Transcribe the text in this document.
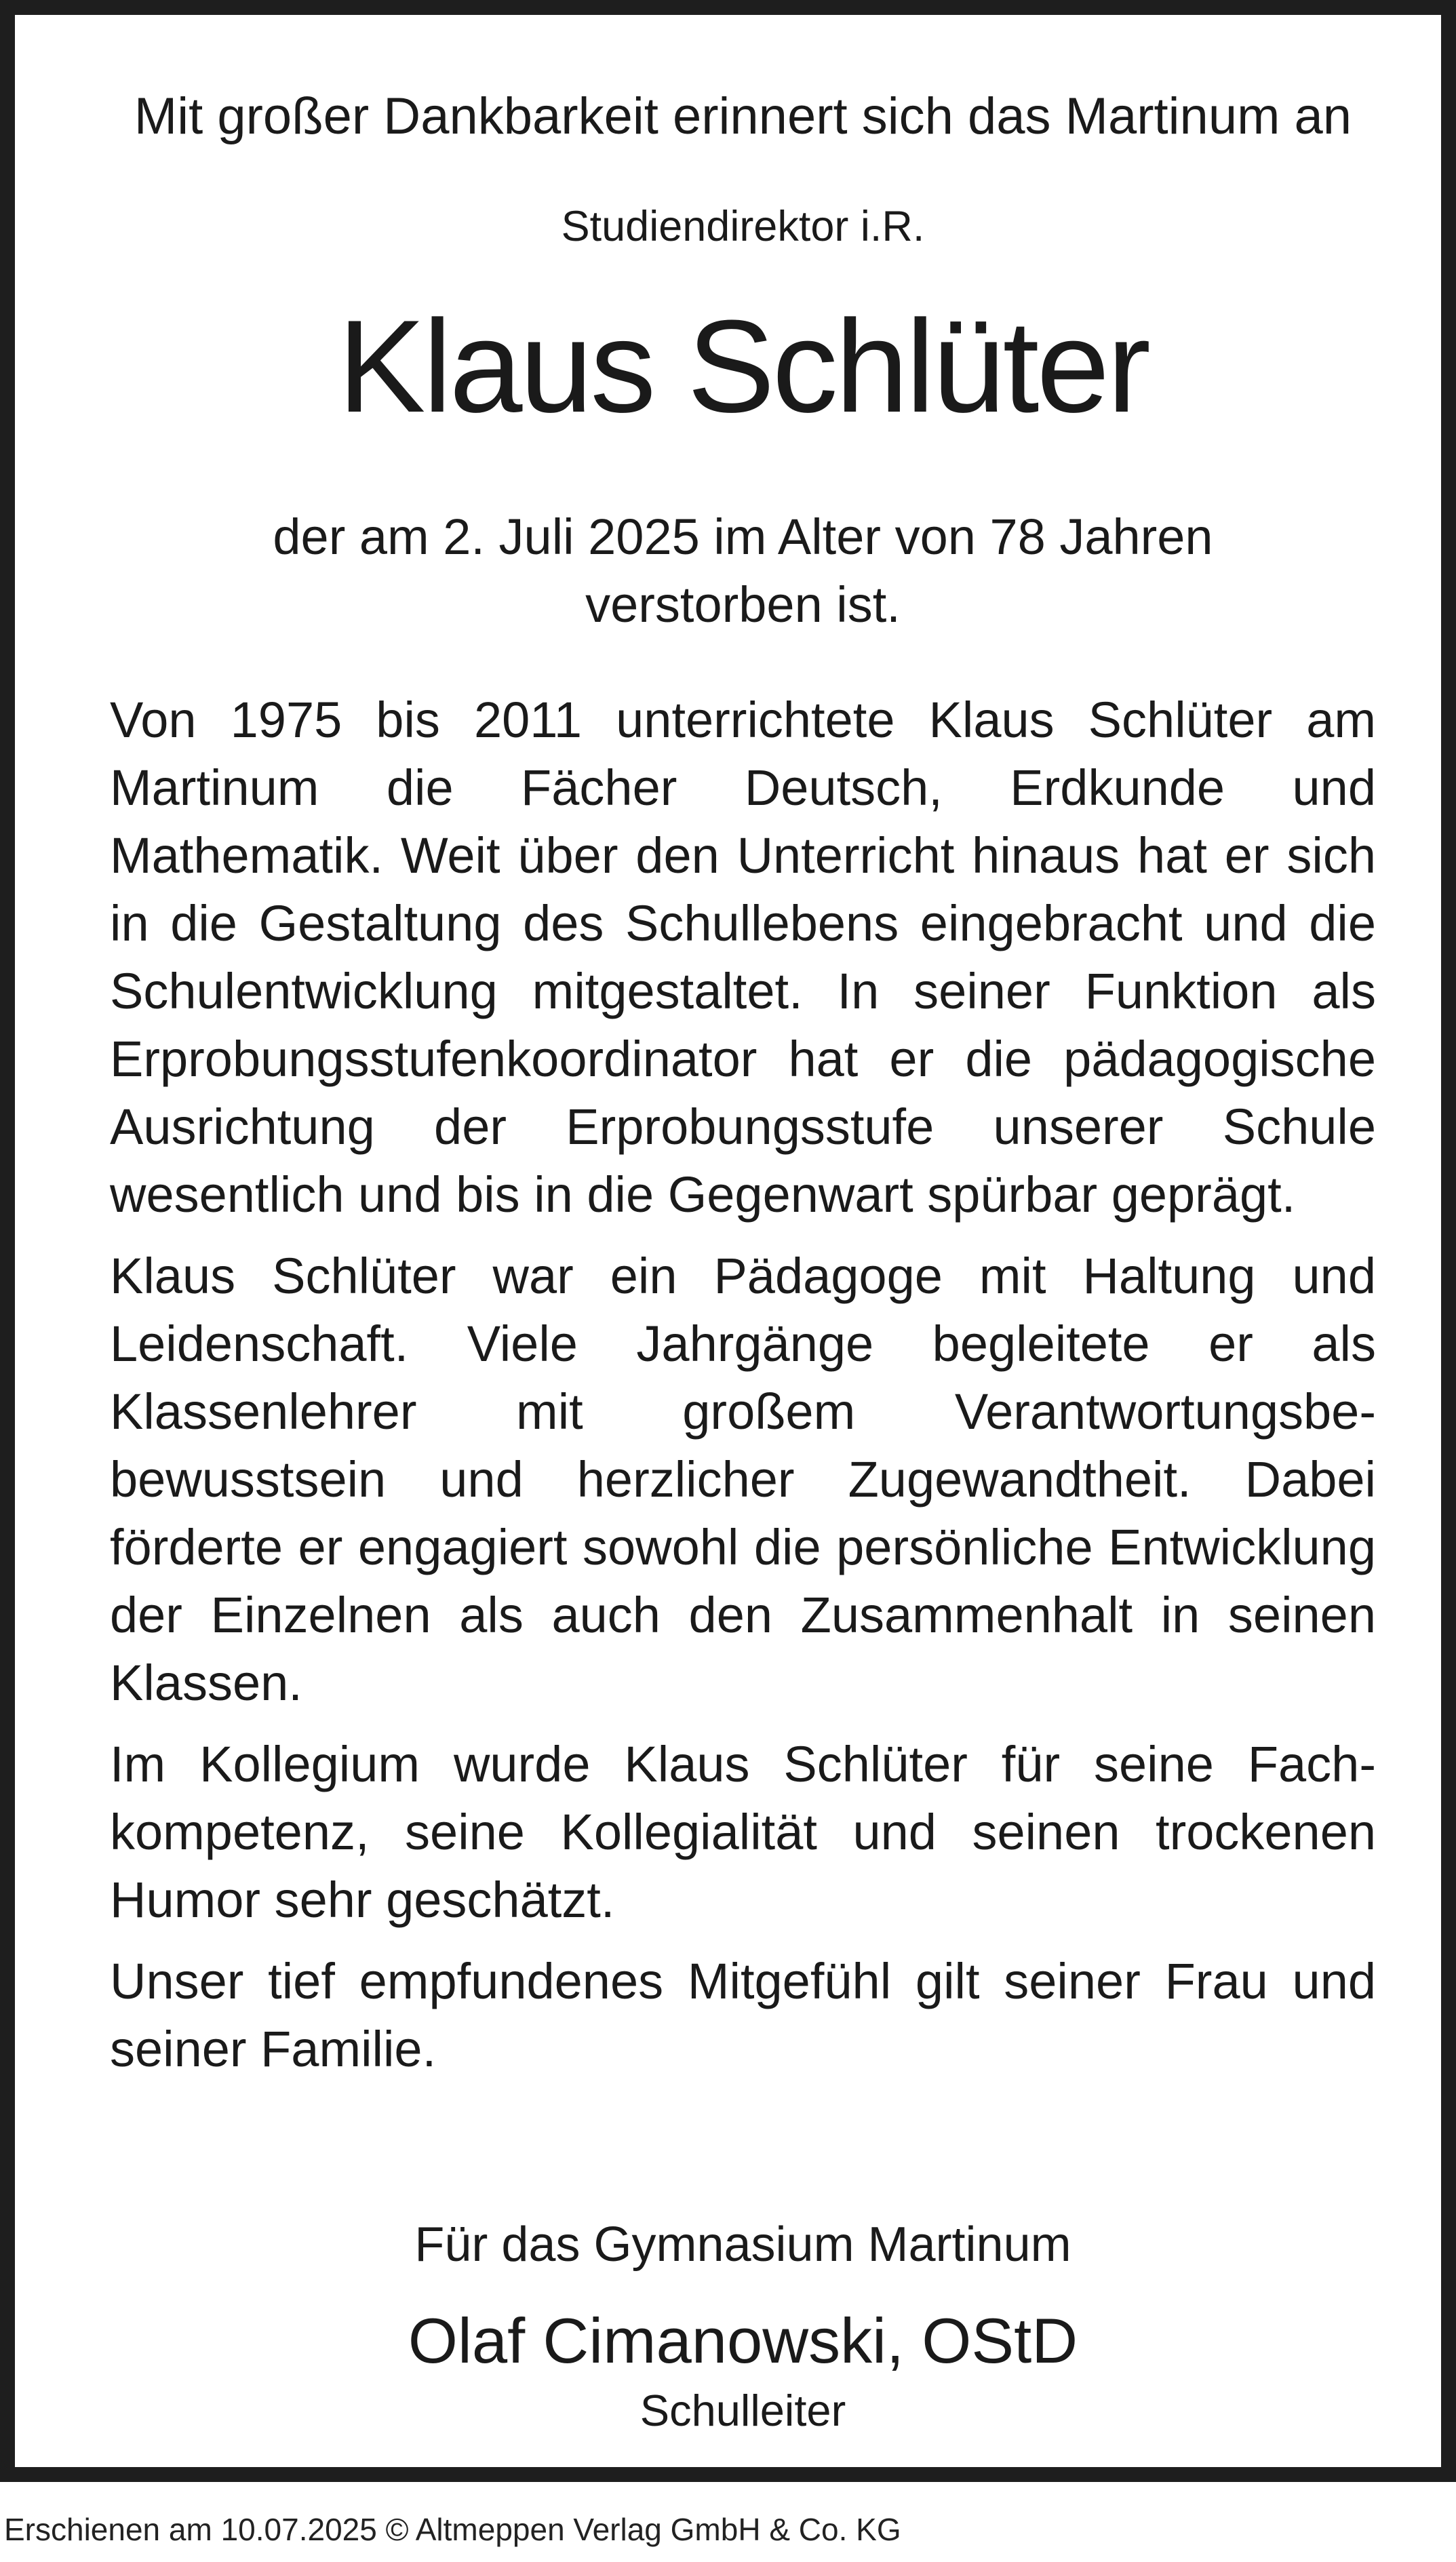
Mit großer Dankbarkeit erinnert sich das Martinum an
Studiendirektor i.R.
Klaus Schlüter
der am 2. Juli 2025 im Alter von 78 Jahren
verstorben ist.

Von 1975 bis 2011 unterrichtete Klaus Schlüter am Martinum die Fächer Deutsch, Erdkunde und Mathematik. Weit über den Unterricht hinaus hat er sich in die Gestaltung des Schullebens eingebracht und die Schulentwicklung mitgestaltet. In seiner Funktion als Erprobungsstufenkoordinator hat er die pädagogische Ausrichtung der Erprobungsstufe unserer Schule wesentlich und bis in die Gegenwart spürbar geprägt.

Klaus Schlüter war ein Pädagoge mit Haltung und Leidenschaft. Viele Jahrgänge begleitete er als Klassenlehrer mit großem Verantwortungsbebewusstsein und herzlicher Zugewandtheit. Dabei förderte er engagiert sowohl die persönliche Entwicklung der Einzelnen als auch den Zusammenhalt in seinen Klassen.

Im Kollegium wurde Klaus Schlüter für seine Fachkompetenz, seine Kollegialität und seinen trockenen Humor sehr geschätzt.

Unser tief empfundenes Mitgefühl gilt seiner Frau und seiner Familie.

Für das Gymnasium Martinum
Olaf Cimanowski, OStD
Schulleiter
Erschienen am 10.07.2025 © Altmeppen Verlag GmbH & Co. KG
